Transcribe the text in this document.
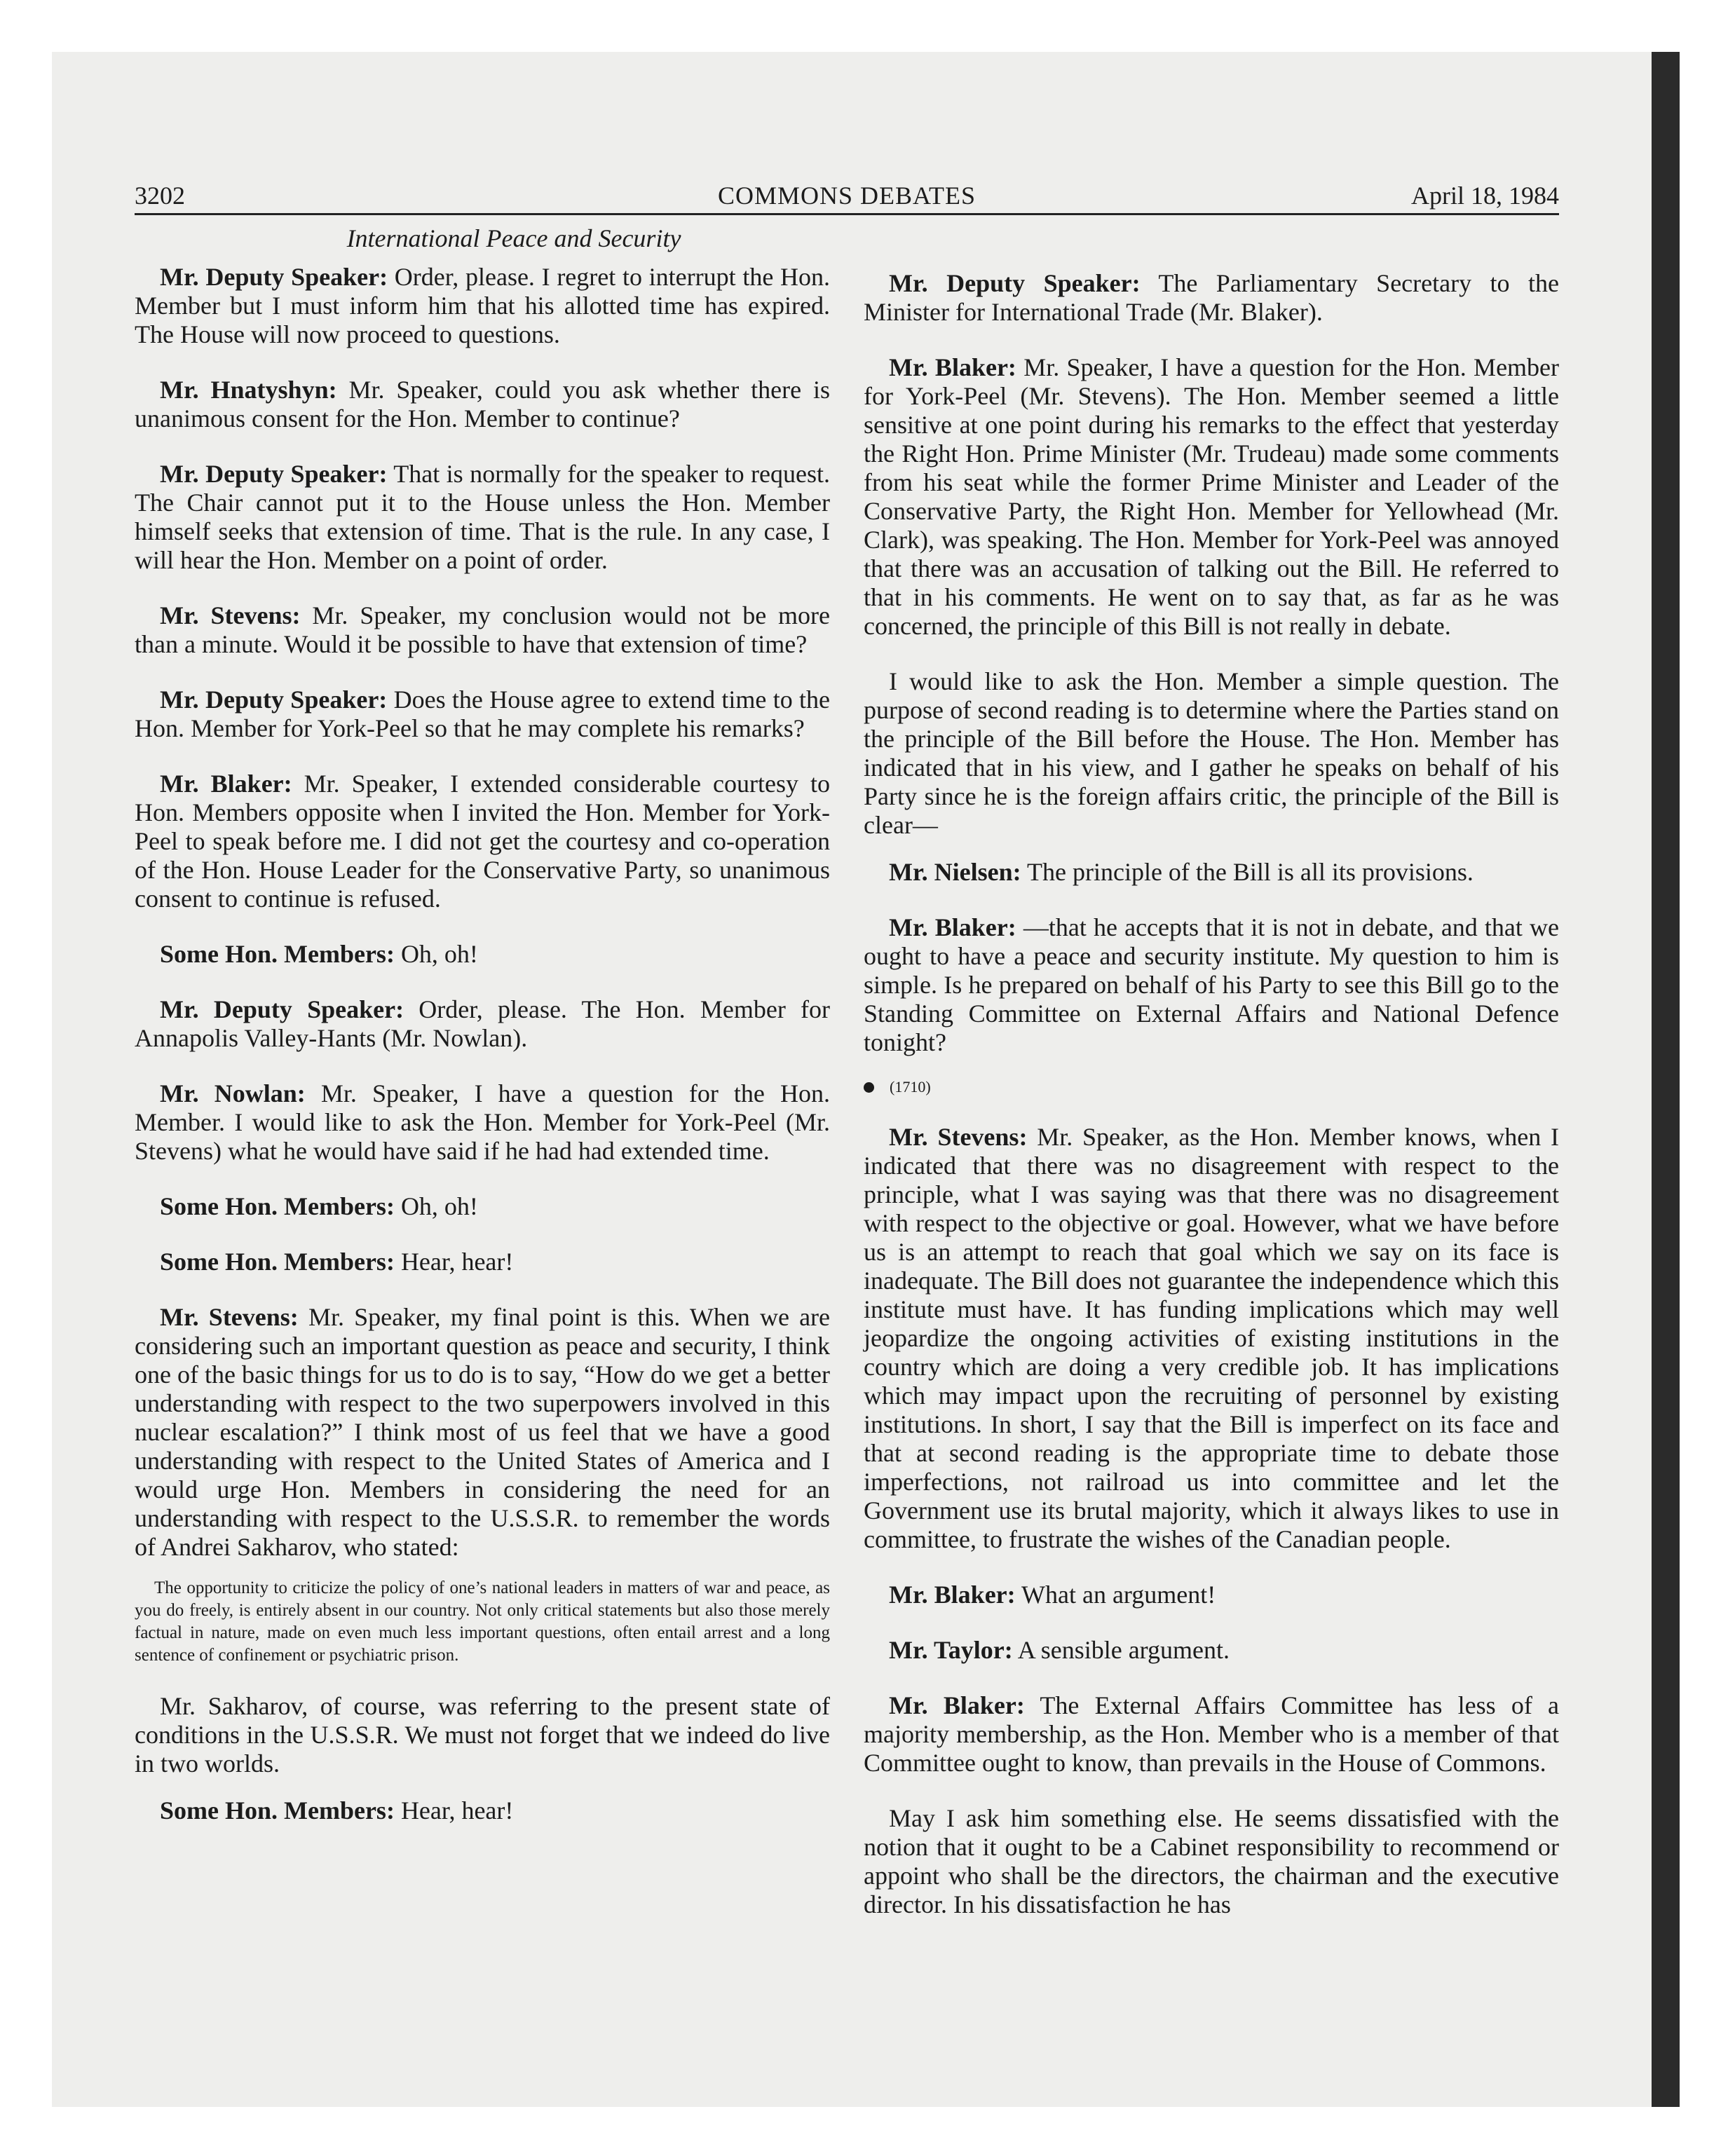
3202	COMMONS DEBATES	April 18, 1984
International Peace and Security
Mr. Deputy Speaker: Order, please. I regret to interrupt the Hon. Member but I must inform him that his allotted time has expired. The House will now proceed to questions.
Mr. Hnatyshyn: Mr. Speaker, could you ask whether there is unanimous consent for the Hon. Member to continue?
Mr. Deputy Speaker: That is normally for the speaker to request. The Chair cannot put it to the House unless the Hon. Member himself seeks that extension of time. That is the rule. In any case, I will hear the Hon. Member on a point of order.
Mr. Stevens: Mr. Speaker, my conclusion would not be more than a minute. Would it be possible to have that extension of time?
Mr. Deputy Speaker: Does the House agree to extend time to the Hon. Member for York-Peel so that he may complete his remarks?
Mr. Blaker: Mr. Speaker, I extended considerable courtesy to Hon. Members opposite when I invited the Hon. Member for York-Peel to speak before me. I did not get the courtesy and co-operation of the Hon. House Leader for the Conservative Party, so unanimous consent to continue is refused.
Some Hon. Members: Oh, oh!
Mr. Deputy Speaker: Order, please. The Hon. Member for Annapolis Valley-Hants (Mr. Nowlan).
Mr. Nowlan: Mr. Speaker, I have a question for the Hon. Member. I would like to ask the Hon. Member for York-Peel (Mr. Stevens) what he would have said if he had had extended time.
Some Hon. Members: Oh, oh!
Some Hon. Members: Hear, hear!
Mr. Stevens: Mr. Speaker, my final point is this. When we are considering such an important question as peace and security, I think one of the basic things for us to do is to say, “How do we get a better understanding with respect to the two superpowers involved in this nuclear escalation?” I think most of us feel that we have a good understanding with respect to the United States of America and I would urge Hon. Members in considering the need for an understanding with respect to the U.S.S.R. to remember the words of Andrei Sakharov, who stated:
The opportunity to criticize the policy of one’s national leaders in matters of war and peace, as you do freely, is entirely absent in our country. Not only critical statements but also those merely factual in nature, made on even much less important questions, often entail arrest and a long sentence of confinement or psychiatric prison.
Mr. Sakharov, of course, was referring to the present state of conditions in the U.S.S.R. We must not forget that we indeed do live in two worlds.
Some Hon. Members: Hear, hear!
Mr. Deputy Speaker: The Parliamentary Secretary to the Minister for International Trade (Mr. Blaker).
Mr. Blaker: Mr. Speaker, I have a question for the Hon. Member for York-Peel (Mr. Stevens). The Hon. Member seemed a little sensitive at one point during his remarks to the effect that yesterday the Right Hon. Prime Minister (Mr. Trudeau) made some comments from his seat while the former Prime Minister and Leader of the Conservative Party, the Right Hon. Member for Yellowhead (Mr. Clark), was speaking. The Hon. Member for York-Peel was annoyed that there was an accusation of talking out the Bill. He referred to that in his comments. He went on to say that, as far as he was concerned, the principle of this Bill is not really in debate.
I would like to ask the Hon. Member a simple question. The purpose of second reading is to determine where the Parties stand on the principle of the Bill before the House. The Hon. Member has indicated that in his view, and I gather he speaks on behalf of his Party since he is the foreign affairs critic, the principle of the Bill is clear—
Mr. Nielsen: The principle of the Bill is all its provisions.
Mr. Blaker: —that he accepts that it is not in debate, and that we ought to have a peace and security institute. My question to him is simple. Is he prepared on behalf of his Party to see this Bill go to the Standing Committee on External Affairs and National Defence tonight?
(1710)
Mr. Stevens: Mr. Speaker, as the Hon. Member knows, when I indicated that there was no disagreement with respect to the principle, what I was saying was that there was no disagreement with respect to the objective or goal. However, what we have before us is an attempt to reach that goal which we say on its face is inadequate. The Bill does not guarantee the independence which this institute must have. It has funding implications which may well jeopardize the ongoing activities of existing institutions in the country which are doing a very credible job. It has implications which may impact upon the recruiting of personnel by existing institutions. In short, I say that the Bill is imperfect on its face and that at second reading is the appropriate time to debate those imperfections, not railroad us into committee and let the Government use its brutal majority, which it always likes to use in committee, to frustrate the wishes of the Canadian people.
Mr. Blaker: What an argument!
Mr. Taylor: A sensible argument.
Mr. Blaker: The External Affairs Committee has less of a majority membership, as the Hon. Member who is a member of that Committee ought to know, than prevails in the House of Commons.
May I ask him something else. He seems dissatisfied with the notion that it ought to be a Cabinet responsibility to recommend or appoint who shall be the directors, the chairman and the executive director. In his dissatisfaction he has
